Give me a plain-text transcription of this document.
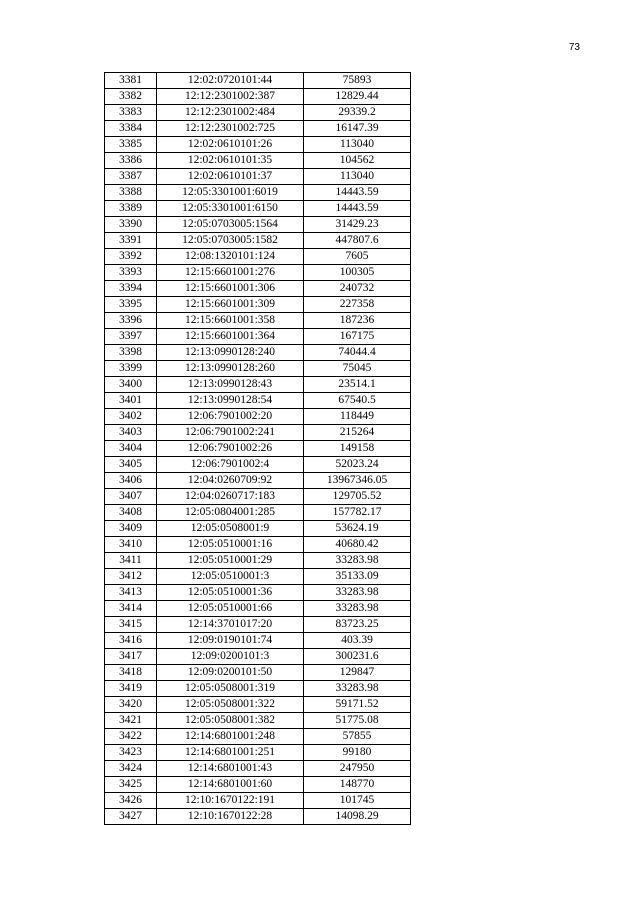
73
3381	12:02:0720101:44	75893
3382	12:12:2301002:387	12829.44
3383	12:12:2301002:484	29339.2
3384	12:12:2301002:725	16147.39
3385	12:02:0610101:26	113040
3386	12:02:0610101:35	104562
3387	12:02:0610101:37	113040
3388	12:05:3301001:6019	14443.59
3389	12:05:3301001:6150	14443.59
3390	12:05:0703005:1564	31429.23
3391	12:05:0703005:1582	447807.6
3392	12:08:1320101:124	7605
3393	12:15:6601001:276	100305
3394	12:15:6601001:306	240732
3395	12:15:6601001:309	227358
3396	12:15:6601001:358	187236
3397	12:15:6601001:364	167175
3398	12:13:0990128:240	74044.4
3399	12:13:0990128:260	75045
3400	12:13:0990128:43	23514.1
3401	12:13:0990128:54	67540.5
3402	12:06:7901002:20	118449
3403	12:06:7901002:241	215264
3404	12:06:7901002:26	149158
3405	12:06:7901002:4	52023.24
3406	12:04:0260709:92	13967346.05
3407	12:04:0260717:183	129705.52
3408	12:05:0804001:285	157782.17
3409	12:05:0508001:9	53624.19
3410	12:05:0510001:16	40680.42
3411	12:05:0510001:29	33283.98
3412	12:05:0510001:3	35133.09
3413	12:05:0510001:36	33283.98
3414	12:05:0510001:66	33283.98
3415	12:14:3701017:20	83723.25
3416	12:09:0190101:74	403.39
3417	12:09:0200101:3	300231.6
3418	12:09:0200101:50	129847
3419	12:05:0508001:319	33283.98
3420	12:05:0508001:322	59171.52
3421	12:05:0508001:382	51775.08
3422	12:14:6801001:248	57855
3423	12:14:6801001:251	99180
3424	12:14:6801001:43	247950
3425	12:14:6801001:60	148770
3426	12:10:1670122:191	101745
3427	12:10:1670122:28	14098.29
